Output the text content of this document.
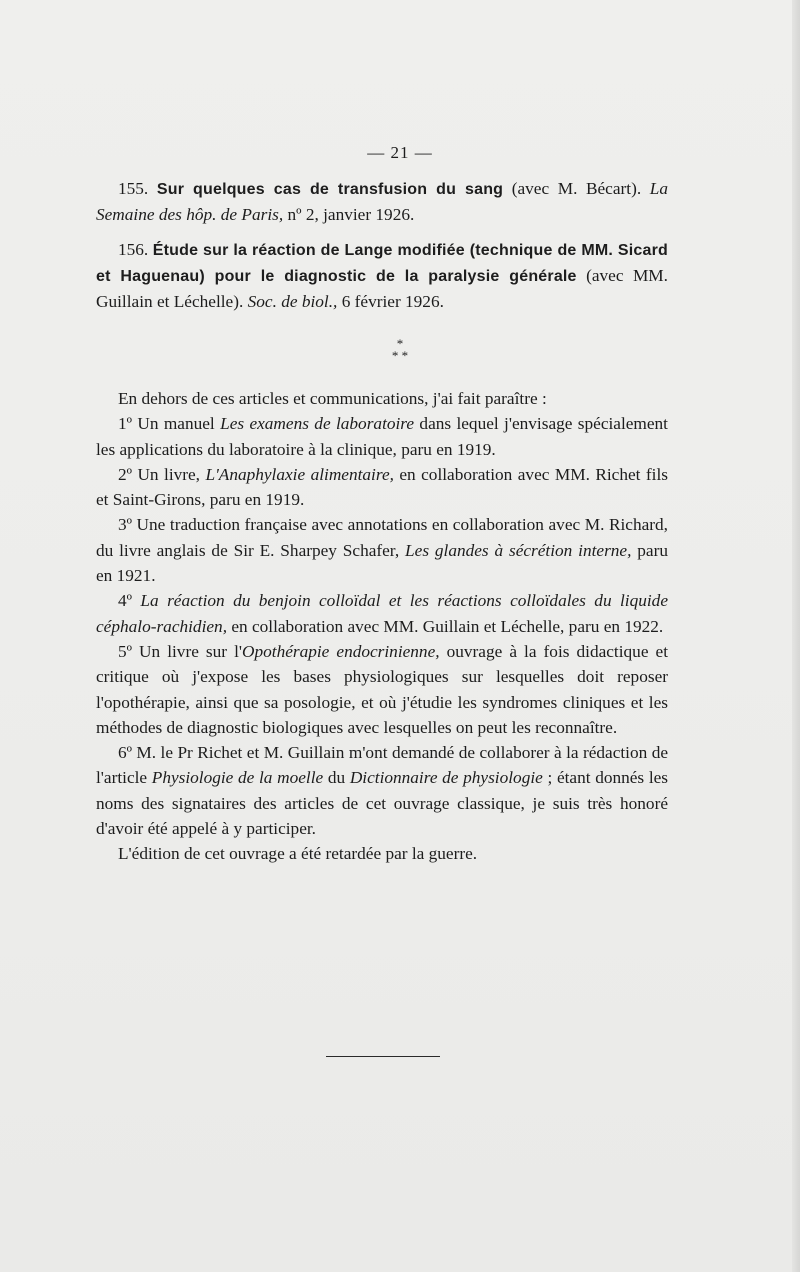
— 21 —

155. Sur quelques cas de transfusion du sang (avec M. Bécart). La Semaine des hôp. de Paris, nº 2, janvier 1926.

156. Étude sur la réaction de Lange modifiée (technique de MM. Sicard et Haguenau) pour le diagnostic de la paralysie générale (avec MM. Guillain et Léchelle). Soc. de biol., 6 février 1926.

*
* *

En dehors de ces articles et communications, j'ai fait paraître :

1º Un manuel Les examens de laboratoire dans lequel j'envisage spécialement les applications du laboratoire à la clinique, paru en 1919.

2º Un livre, L'Anaphylaxie alimentaire, en collaboration avec MM. Richet fils et Saint-Girons, paru en 1919.

3º Une traduction française avec annotations en collaboration avec M. Richard, du livre anglais de Sir E. Sharpey Schafer, Les glandes à sécrétion interne, paru en 1921.

4º La réaction du benjoin colloïdal et les réactions colloïdales du liquide céphalo-rachidien, en collaboration avec MM. Guillain et Léchelle, paru en 1922.

5º Un livre sur l'Opothérapie endocrinienne, ouvrage à la fois didactique et critique où j'expose les bases physiologiques sur lesquelles doit reposer l'opothérapie, ainsi que sa posologie, et où j'étudie les syndromes cliniques et les méthodes de diagnostic biologiques avec lesquelles on peut les reconnaître.

6º M. le Pr Richet et M. Guillain m'ont demandé de collaborer à la rédaction de l'article Physiologie de la moelle du Dictionnaire de physiologie ; étant donnés les noms des signataires des articles de cet ouvrage classique, je suis très honoré d'avoir été appelé à y participer.

L'édition de cet ouvrage a été retardée par la guerre.
